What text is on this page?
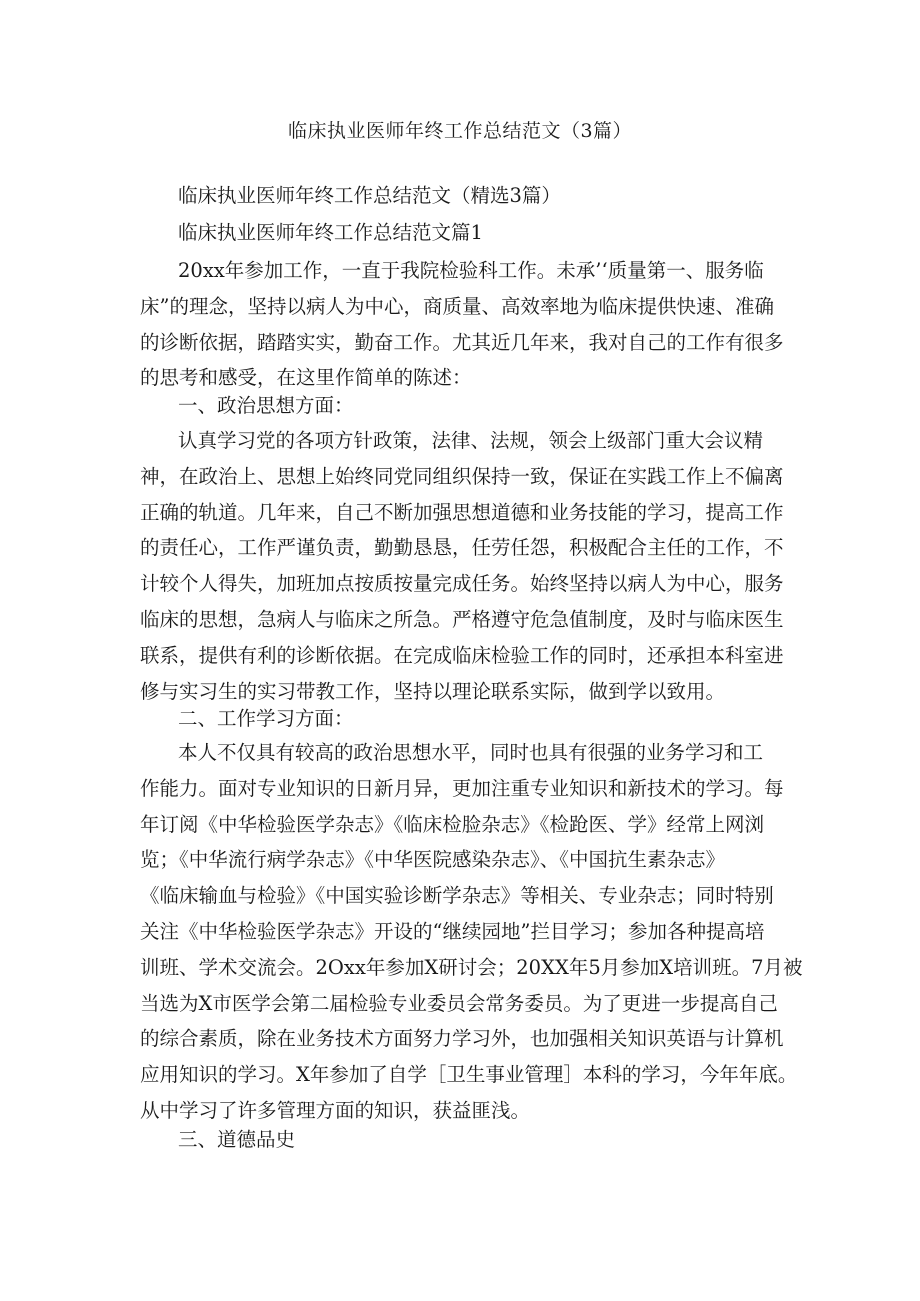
临床执业医师年终工作总结范文（3篇）
临床执业医师年终工作总结范文（精选3篇）
临床执业医师年终工作总结范文篇1

20xx年参加工作，一直于我院检验科工作。未承’‘质量第一、服务临

床”的理念，坚持以病人为中心，商质量、高效率地为临床提供快速、准确

的诊断依据，踏踏实实，勤奋工作。尤其近几年来，我对自己的工作有很多

的思考和感受，在这里作简单的陈述：

一、政治思想方面：

认真学习党的各项方针政策，法律、法规，领会上级部门重大会议精

神，在政治上、思想上始终同党同组织保持一致，保证在实践工作上不偏离

正确的轨道。几年来，自己不断加强思想道德和业务技能的学习，提高工作

的责任心，工作严谨负责，勤勤恳恳，任劳任怨，积极配合主任的工作，不

计较个人得失，加班加点按质按量完成任务。始终坚持以病人为中心，服务

临床的思想，急病人与临床之所急。严格遵守危急值制度，及时与临床医生

联系，提供有利的诊断依据。在完成临床检验工作的同时，还承担本科室进

修与实习生的实习带教工作，坚持以理论联系实际，做到学以致用。

二、工作学习方面：

本人不仅具有较高的政治思想水平，同时也具有很强的业务学习和工

作能力。面对专业知识的日新月异，更加注重专业知识和新技术的学习。每

年订阅《中华检验医学杂志》《临床检脸杂志》《检跄医、学》经常上网浏

览；《中华流行病学杂志》《中华医院感染杂志》、《中国抗生素杂志》

《临床输血与检验》《中国实验诊断学杂志》等相关、专业杂志；同时特别

关注《中华检验医学杂志》开设的“继续园地”拦目学习；参加各种提高培

训班、学术交流会。2Oxx年参加X研讨会；20XX年5月参加X培训班。7月被

当选为X市医学会第二届检验专业委员会常务委员。为了更进一步提高自己

的综合素质，除在业务技术方面努力学习外，也加强相关知识英语与计算机

应用知识的学习。X年参加了自学［卫生事业管理］本科的学习，今年年底。

从中学习了许多管理方面的知识，获益匪浅。

三、道德品史
